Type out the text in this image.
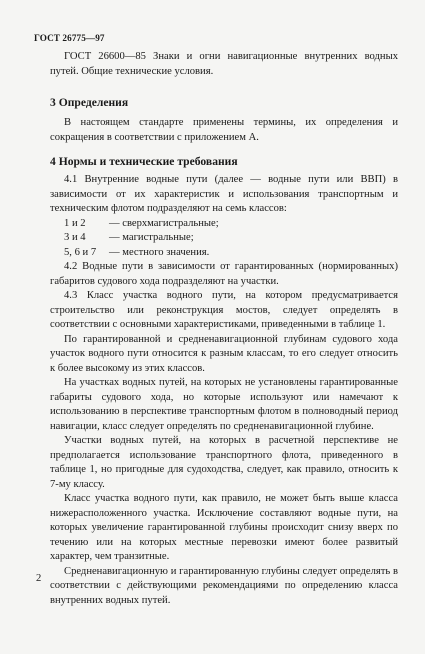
ГОСТ 26775—97

ГОСТ 26600—85 Знаки и огни навигационные внутренних водных путей. Общие технические условия.

3 Определения

В настоящем стандарте применены термины, их определения и сокращения в соответствии с приложением А.

4 Нормы и технические требования

4.1 Внутренние водные пути (далее — водные пути или ВВП) в зависимости от их характеристик и использования транспортным и техническим флотом подразделяют на семь классов:

1 и 2	— сверхмагистральные;
3 и 4	— магистральные;
5, 6 и 7	— местного значения.

4.2 Водные пути в зависимости от гарантированных (нормированных) габаритов судового хода подразделяют на участки.

4.3 Класс участка водного пути, на котором предусматривается строительство или реконструкция мостов, следует определять в соответствии с основными характеристиками, приведенными в таблице 1.

По гарантированной и средненавигационной глубинам судового хода участок водного пути относится к разным классам, то его следует относить к более высокому из этих классов.

На участках водных путей, на которых не установлены гарантированные габариты судового хода, но которые используют или намечают к использованию в перспективе транспортным флотом в полноводный период навигации, класс следует определять по средненавигационной глубине.

Участки водных путей, на которых в расчетной перспективе не предполагается использование транспортного флота, приведенного в таблице 1, но пригодные для судоходства, следует, как правило, относить к 7-му классу.

Класс участка водного пути, как правило, не может быть выше класса нижерасположенного участка. Исключение составляют водные пути, на которых увеличение гарантированной глубины происходит снизу вверх по течению или на которых местные перевозки имеют более развитый характер, чем транзитные.

Средненавигационную и гарантированную глубины следует определять в соответствии с действующими рекомендациями по определению класса внутренних водных путей.

2
